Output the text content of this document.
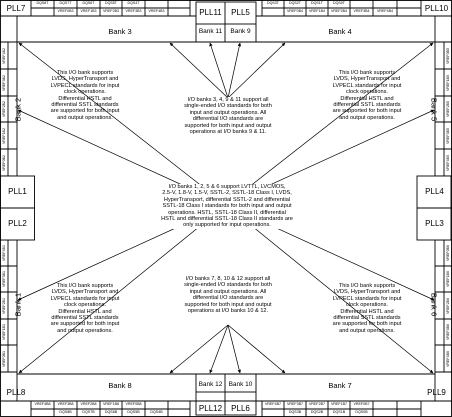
PLL7	PLL11	PLL5	PLL10
PLL1
PLL2
PLL4
PLL3
PLL8
PLL12	PLL6
PLL9
Bank 3	Bank 11	Bank 9	Bank 4
Bank 8	Bank 12 Bank 10	Bank 7
Bank 2
Bank 1
Bank 5
Bank 6
DQS8T	DQS7T	DQS6T	DQS5T	DQS4T	DQS3T	DQS2T	DQS1T	DQS0T
VREF0B3	VREF1B3	VREF2B3	VREF3B3	VREF4B3	VREF0B4	VREF1B4	VREF2B4	VREF3B4	VREF4B4
VREF4B8	VREF3B8	VREF2B8	VREF1B8	VREF0B8	VREF4B7	VREF3B7	VREF2B7	VREF1B7	VREF0B7
DQS8B	DQS7B	DQS6B	DQS5B	DQS4B	DQS3B	DQS2B	DQS1B	DQS0B
VREF4B2
VREF3B2
VREF2B2
VREF1B2
VREF0B2
VREF4B1
VREF3B1
VREF2B1
VREF1B1
VREF0B1
VREF0B5
VREF1B5
VREF2B5
VREF3B5
VREF4B5
VREF0B6
VREF1B6
VREF2B6
VREF3B6
VREF4B6
This I/O bank supports
LVDS, HyperTransport and
LVPECL standards for input
clock operations.
Differential HSTL and
differential SSTL standards
are supported for both input
and output operations.
This I/O bank supports
LVDS, HyperTransport and
LVPECL standards for input
clock operations.
Differential HSTL and
differential SSTL standards
are supported for both input
and output operations.
This I/O bank supports
LVDS, HyperTransport and
LVPECL standards for input
clock operations.
Differential HSTL and
differential SSTL standards
are supported for both input
and output operations.
This I/O bank supports
LVDS, HyperTransport and
LVPECL standards for input
clock operations.
Differential HSTL and
differential SSTL standards
are supported for both input
and output operations.
I/O banks 3, 4, 9 & 11 support all
single-ended I/O standards for both
input and output operations. All
differential I/O standards are
supported for both input and output
operations at I/O banks 9 & 11.
I/O banks 1, 2, 5 & 6 support LVTTL, LVCMOS,
2.5-V, 1.8-V, 1.5-V, SSTL-2, SSTL-18 Class I, LVDS,
HyperTransport, differential SSTL-2 and differential
SSTL-18 Class I standards for both input and output
operations. HSTL, SSTL-18 Class II, differential
HSTL and differential SSTL-18 Class II standards are
only supported for input operations.
I/O banks 7, 8, 10 & 12 support all
single-ended I/O standards for both
input and output operations. All
differential I/O standards are
supported for both input and output
operations at I/O banks 10 & 12.
